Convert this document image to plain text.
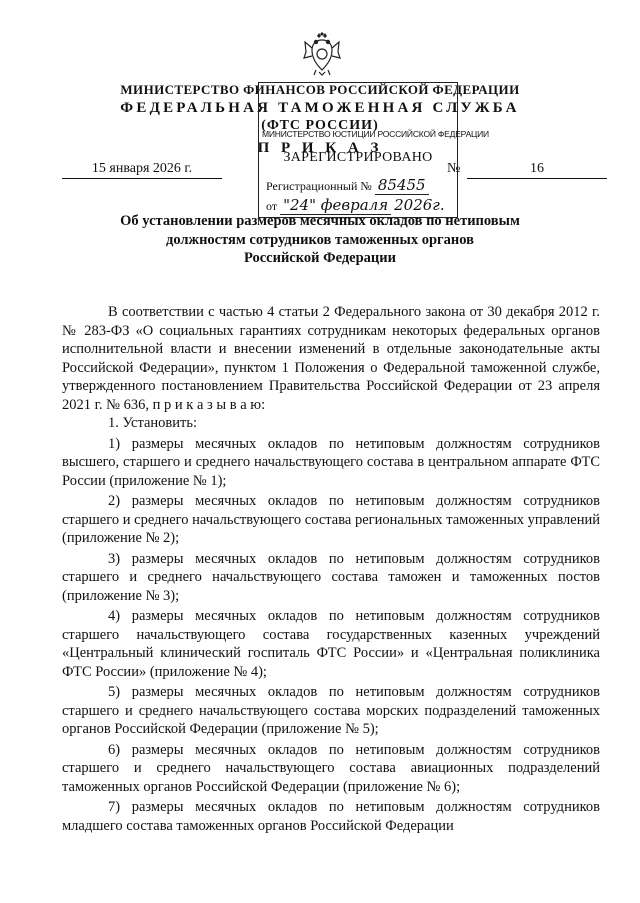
МИНИСТЕРСТВО ФИНАНСОВ РОССИЙСКОЙ ФЕДЕРАЦИИ
ФЕДЕРАЛЬНАЯ ТАМОЖЕННАЯ СЛУЖБА
(ФТС РОССИИ)
П Р И К А З
15 января 2026 г.	№	16
МИНИСТЕРСТВО ЮСТИЦИИ РОССИЙСКОЙ ФЕДЕРАЦИИ
ЗАРЕГИСТРИРОВАНО
Регистрационный № 85455
от "24" февраля 2026г.
Об установлении размеров месячных окладов по нетиповым
должностям сотрудников таможенных органов
Российской Федерации

В соответствии с частью 4 статьи 2 Федерального закона от 30 декабря 2012 г. № 283-ФЗ «О социальных гарантиях сотрудникам некоторых федеральных органов исполнительной власти и внесении изменений в отдельные законодательные акты Российской Федерации», пунктом 1 Положения о Федеральной таможенной службе, утвержденного постановлением Правительства Российской Федерации от 23 апреля 2021 г. № 636, п р и к а з ы в а ю:

1. Установить:

1) размеры месячных окладов по нетиповым должностям сотрудников высшего, старшего и среднего начальствующего состава в центральном аппарате ФТС России (приложение № 1);

2) размеры месячных окладов по нетиповым должностям сотрудников старшего и среднего начальствующего состава региональных таможенных управлений (приложение № 2);

3) размеры месячных окладов по нетиповым должностям сотрудников старшего и среднего начальствующего состава таможен и таможенных постов (приложение № 3);

4) размеры месячных окладов по нетиповым должностям сотрудников старшего начальствующего состава государственных казенных учреждений «Центральный клинический госпиталь ФТС России» и «Центральная поликлиника ФТС России» (приложение № 4);

5) размеры месячных окладов по нетиповым должностям сотрудников старшего и среднего начальствующего состава морских подразделений таможенных органов Российской Федерации (приложение № 5);

6) размеры месячных окладов по нетиповым должностям сотрудников старшего и среднего начальствующего состава авиационных подразделений таможенных органов Российской Федерации (приложение № 6);

7) размеры месячных окладов по нетиповым должностям сотрудников младшего состава таможенных органов Российской Федерации
